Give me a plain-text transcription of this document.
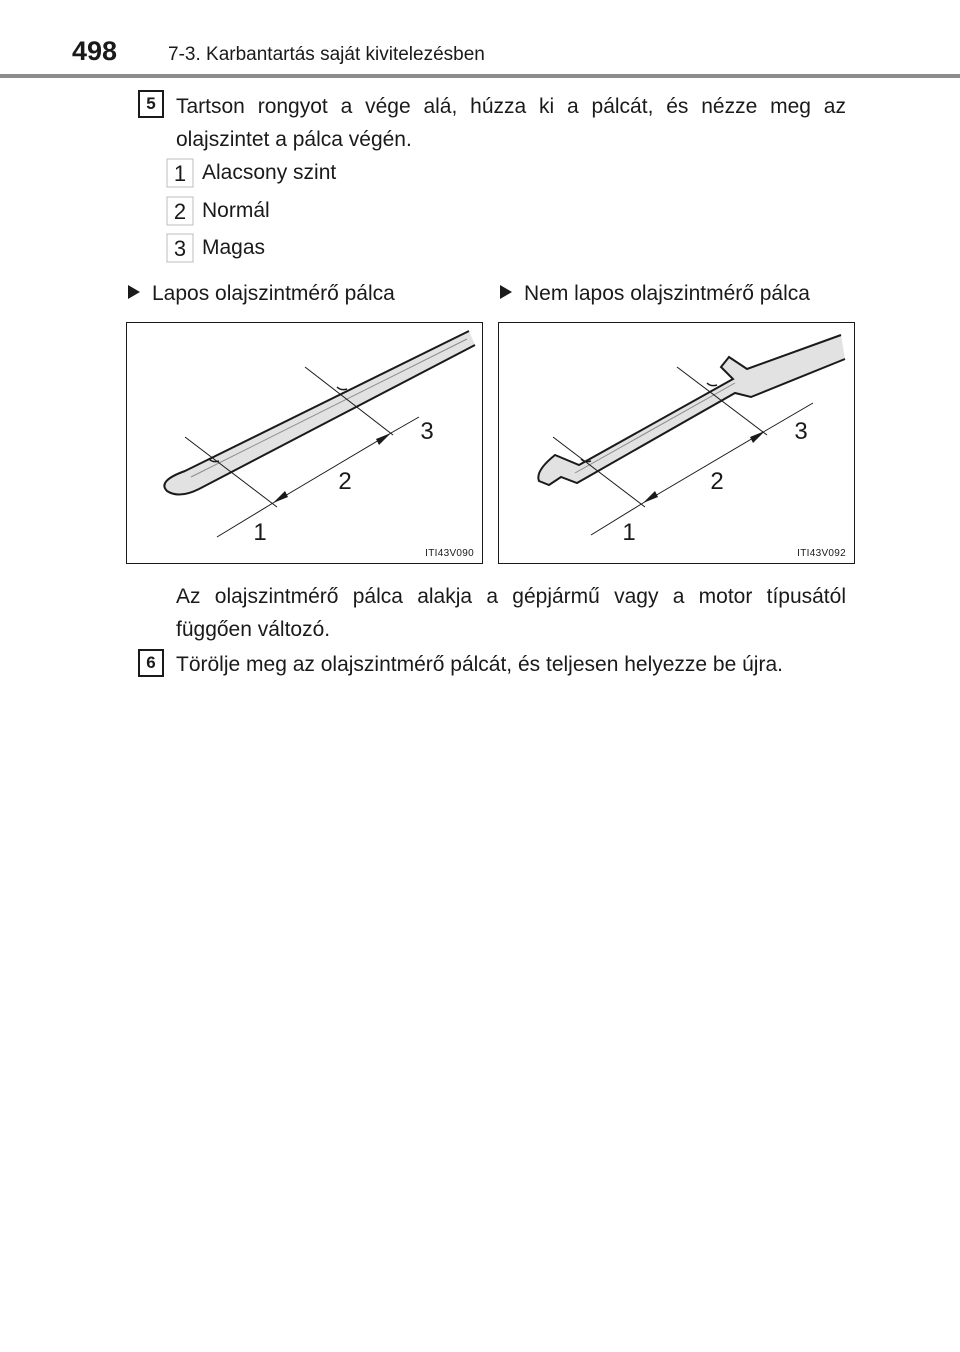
498	7-3. Karbantartás saját kivitelezésben
5 Tartson rongyot a vége alá, húzza ki a pálcát, és nézze meg az olajszintet a pálca végén.
1 Alacsony szint
2 Normál
3 Magas
Lapos olajszintmérő pálca	Nem lapos olajszintmérő pálca
1
2
3
ITI43V090
1
2
3
ITI43V092
Az olajszintmérő pálca alakja a gépjármű vagy a motor típusától függően változó.
6 Törölje meg az olajszintmérő pálcát, és teljesen helyezze be újra.
